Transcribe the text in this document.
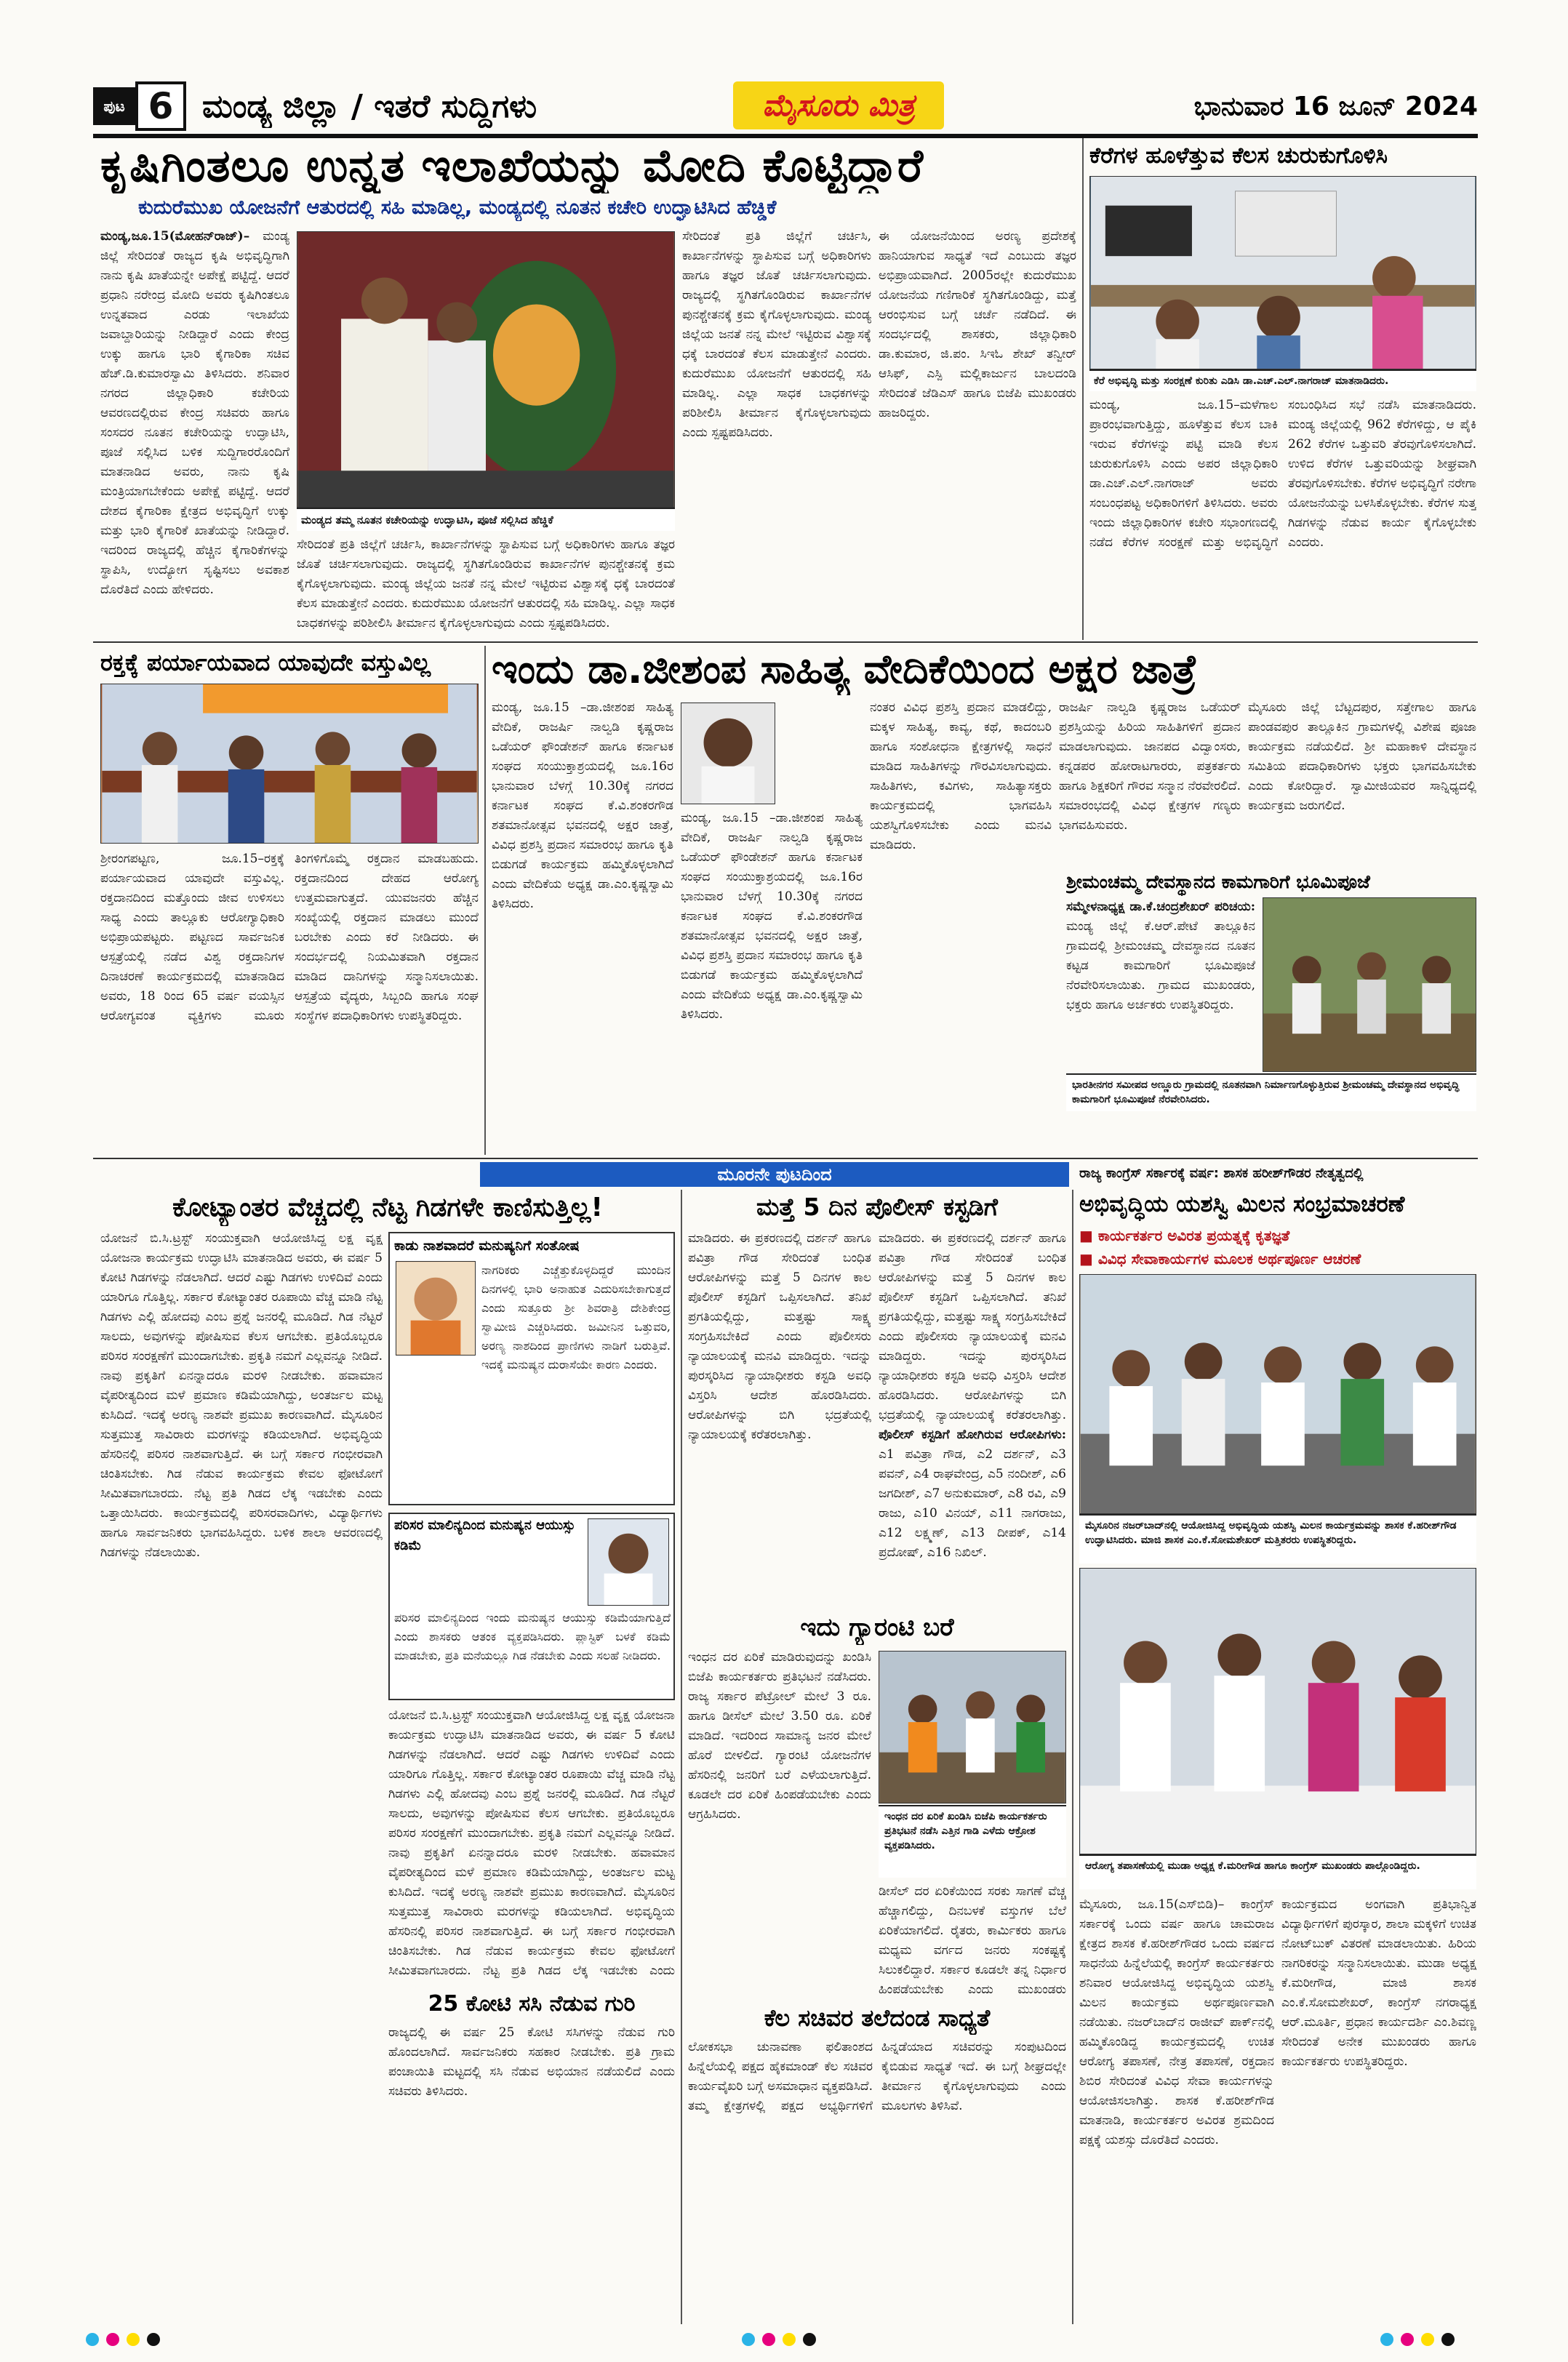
ಪುಟ 6 ಮಂಡ್ಯ ಜಿಲ್ಲಾ / ಇತರೆ ಸುದ್ದಿಗಳು	ಮೈಸೂರು ಮಿತ್ರ	ಭಾನುವಾರ 16 ಜೂನ್ 2024
ಕೃಷಿಗಿಂತಲೂ ಉನ್ನತ ಇಲಾಖೆಯನ್ನು ಮೋದಿ ಕೊಟ್ಟಿದ್ದಾರೆ
ಕುದುರೆಮುಖ ಯೋಜನೆಗೆ ಆತುರದಲ್ಲಿ ಸಹಿ ಮಾಡಿಲ್ಲ, ಮಂಡ್ಯದಲ್ಲಿ ನೂತನ ಕಚೇರಿ ಉದ್ಘಾಟಿಸಿದ ಹೆಚ್ಡಿಕೆ
ಮಂಡ್ಯ,ಜೂ.15(ಮೋಹನ್‌ರಾಜ್)– ಮಂಡ್ಯ ಜಿಲ್ಲೆ ಸೇರಿದಂತೆ ರಾಜ್ಯದ ಕೃಷಿ ಅಭಿವೃದ್ಧಿಗಾಗಿ ನಾನು ಕೃಷಿ ಖಾತೆಯನ್ನೇ ಅಪೇಕ್ಷೆ ಪಟ್ಟಿದ್ದೆ. ಆದರೆ ಪ್ರಧಾನಿ ನರೇಂದ್ರ ಮೋದಿ ಅವರು ಕೃಷಿಗಿಂತಲೂ ಉನ್ನತವಾದ ಎರಡು ಇಲಾಖೆಯ ಜವಾಬ್ದಾರಿಯನ್ನು ನೀಡಿದ್ದಾರೆ ಎಂದು ಕೇಂದ್ರ ಉಕ್ಕು ಹಾಗೂ ಭಾರಿ ಕೈಗಾರಿಕಾ ಸಚಿವ ಹೆಚ್.ಡಿ.ಕುಮಾರಸ್ವಾಮಿ ತಿಳಿಸಿದರು. ಶನಿವಾರ ನಗರದ ಜಿಲ್ಲಾಧಿಕಾರಿ ಕಚೇರಿಯ ಆವರಣದಲ್ಲಿರುವ ಕೇಂದ್ರ ಸಚಿವರು ಹಾಗೂ ಸಂಸದರ ನೂತನ ಕಚೇರಿಯನ್ನು ಉದ್ಘಾಟಿಸಿ, ಪೂಜೆ ಸಲ್ಲಿಸಿದ ಬಳಿಕ ಸುದ್ದಿಗಾರರೊಂದಿಗೆ ಮಾತನಾಡಿದ ಅವರು, ನಾನು ಕೃಷಿ ಮಂತ್ರಿಯಾಗಬೇಕೆಂದು ಅಪೇಕ್ಷೆ ಪಟ್ಟಿದ್ದೆ. ಆದರೆ ದೇಶದ ಕೈಗಾರಿಕಾ ಕ್ಷೇತ್ರದ ಅಭಿವೃದ್ಧಿಗೆ ಉಕ್ಕು ಮತ್ತು ಭಾರಿ ಕೈಗಾರಿಕೆ ಖಾತೆಯನ್ನು ನೀಡಿದ್ದಾರೆ. ಇದರಿಂದ ರಾಜ್ಯದಲ್ಲಿ ಹೆಚ್ಚಿನ ಕೈಗಾರಿಕೆಗಳನ್ನು ಸ್ಥಾಪಿಸಿ, ಉದ್ಯೋಗ ಸೃಷ್ಟಿಸಲು ಅವಕಾಶ ದೊರೆತಿದೆ ಎಂದು ಹೇಳಿದರು.
ಮಂಡ್ಯದ ತಮ್ಮ ನೂತನ ಕಚೇರಿಯನ್ನು ಉದ್ಘಾಟಿಸಿ, ಪೂಜೆ ಸಲ್ಲಿಸಿದ ಹೆಚ್ಡಿಕೆ
ಸೇರಿದಂತೆ ಪ್ರತಿ ಜಿಲ್ಲೆಗೆ ಚರ್ಚಿಸಿ, ಕಾರ್ಖಾನೆಗಳನ್ನು ಸ್ಥಾಪಿಸುವ ಬಗ್ಗೆ ಅಧಿಕಾರಿಗಳು ಹಾಗೂ ತಜ್ಞರ ಜೊತೆ ಚರ್ಚಿಸಲಾಗುವುದು. ರಾಜ್ಯದಲ್ಲಿ ಸ್ಥಗಿತಗೊಂಡಿರುವ ಕಾರ್ಖಾನೆಗಳ ಪುನಶ್ಚೇತನಕ್ಕೆ ಕ್ರಮ ಕೈಗೊಳ್ಳಲಾಗುವುದು. ಮಂಡ್ಯ ಜಿಲ್ಲೆಯ ಜನತೆ ನನ್ನ ಮೇಲೆ ಇಟ್ಟಿರುವ ವಿಶ್ವಾಸಕ್ಕೆ ಧಕ್ಕೆ ಬಾರದಂತೆ ಕೆಲಸ ಮಾಡುತ್ತೇನೆ ಎಂದರು. ಕುದುರೆಮುಖ ಯೋಜನೆಗೆ ಆತುರದಲ್ಲಿ ಸಹಿ ಮಾಡಿಲ್ಲ. ಎಲ್ಲಾ ಸಾಧಕ ಬಾಧಕಗಳನ್ನು ಪರಿಶೀಲಿಸಿ ತೀರ್ಮಾನ ಕೈಗೊಳ್ಳಲಾಗುವುದು ಎಂದು ಸ್ಪಷ್ಟಪಡಿಸಿದರು.
ಸೇರಿದಂತೆ ಪ್ರತಿ ಜಿಲ್ಲೆಗೆ ಚರ್ಚಿಸಿ, ಕಾರ್ಖಾನೆಗಳನ್ನು ಸ್ಥಾಪಿಸುವ ಬಗ್ಗೆ ಅಧಿಕಾರಿಗಳು ಹಾಗೂ ತಜ್ಞರ ಜೊತೆ ಚರ್ಚಿಸಲಾಗುವುದು. ರಾಜ್ಯದಲ್ಲಿ ಸ್ಥಗಿತಗೊಂಡಿರುವ ಕಾರ್ಖಾನೆಗಳ ಪುನಶ್ಚೇತನಕ್ಕೆ ಕ್ರಮ ಕೈಗೊಳ್ಳಲಾಗುವುದು. ಮಂಡ್ಯ ಜಿಲ್ಲೆಯ ಜನತೆ ನನ್ನ ಮೇಲೆ ಇಟ್ಟಿರುವ ವಿಶ್ವಾಸಕ್ಕೆ ಧಕ್ಕೆ ಬಾರದಂತೆ ಕೆಲಸ ಮಾಡುತ್ತೇನೆ ಎಂದರು. ಕುದುರೆಮುಖ ಯೋಜನೆಗೆ ಆತುರದಲ್ಲಿ ಸಹಿ ಮಾಡಿಲ್ಲ. ಎಲ್ಲಾ ಸಾಧಕ ಬಾಧಕಗಳನ್ನು ಪರಿಶೀಲಿಸಿ ತೀರ್ಮಾನ ಕೈಗೊಳ್ಳಲಾಗುವುದು ಎಂದು ಸ್ಪಷ್ಟಪಡಿಸಿದರು.
ಈ ಯೋಜನೆಯಿಂದ ಅರಣ್ಯ ಪ್ರದೇಶಕ್ಕೆ ಹಾನಿಯಾಗುವ ಸಾಧ್ಯತೆ ಇದೆ ಎಂಬುದು ತಜ್ಞರ ಅಭಿಪ್ರಾಯವಾಗಿದೆ. 2005ರಲ್ಲೇ ಕುದುರೆಮುಖ ಯೋಜನೆಯ ಗಣಿಗಾರಿಕೆ ಸ್ಥಗಿತಗೊಂಡಿದ್ದು, ಮತ್ತೆ ಆರಂಭಿಸುವ ಬಗ್ಗೆ ಚರ್ಚೆ ನಡೆದಿದೆ. ಈ ಸಂದರ್ಭದಲ್ಲಿ ಶಾಸಕರು, ಜಿಲ್ಲಾಧಿಕಾರಿ ಡಾ.ಕುಮಾರ, ಜಿ.ಪಂ. ಸಿಇಓ ಶೇಖ್ ತನ್ವೀರ್ ಆಸಿಫ್, ಎಸ್ಪಿ ಮಲ್ಲಿಕಾರ್ಜುನ ಬಾಲದಂಡಿ ಸೇರಿದಂತೆ ಜೆಡಿಎಸ್ ಹಾಗೂ ಬಿಜೆಪಿ ಮುಖಂಡರು ಹಾಜರಿದ್ದರು.
ಕೆರೆಗಳ ಹೂಳೆತ್ತುವ ಕೆಲಸ ಚುರುಕುಗೊಳಿಸಿ
ಕೆರೆ ಅಭಿವೃದ್ಧಿ ಮತ್ತು ಸಂರಕ್ಷಣೆ ಕುರಿತು ಎಡಿಸಿ ಡಾ.ಎಚ್.ಎಲ್.ನಾಗರಾಜ್ ಮಾತನಾಡಿದರು.
ಮಂಡ್ಯ, ಜೂ.15–ಮಳೆಗಾಲ ಪ್ರಾರಂಭವಾಗುತ್ತಿದ್ದು, ಹೂಳೆತ್ತುವ ಕೆಲಸ ಬಾಕಿ ಇರುವ ಕೆರೆಗಳನ್ನು ಪಟ್ಟಿ ಮಾಡಿ ಕೆಲಸ ಚುರುಕುಗೊಳಿಸಿ ಎಂದು ಅಪರ ಜಿಲ್ಲಾಧಿಕಾರಿ ಡಾ.ಎಚ್.ಎಲ್.ನಾಗರಾಜ್ ಅವರು ಸಂಬಂಧಪಟ್ಟ ಅಧಿಕಾರಿಗಳಿಗೆ ತಿಳಿಸಿದರು. ಅವರು ಇಂದು ಜಿಲ್ಲಾಧಿಕಾರಿಗಳ ಕಚೇರಿ ಸಭಾಂಗಣದಲ್ಲಿ ನಡೆದ ಕೆರೆಗಳ ಸಂರಕ್ಷಣೆ ಮತ್ತು ಅಭಿವೃದ್ಧಿಗೆ ಸಂಬಂಧಿಸಿದ ಸಭೆ ನಡೆಸಿ ಮಾತನಾಡಿದರು. ಮಂಡ್ಯ ಜಿಲ್ಲೆಯಲ್ಲಿ 962 ಕೆರೆಗಳಿದ್ದು, ಆ ಪೈಕಿ 262 ಕೆರೆಗಳ ಒತ್ತುವರಿ ತೆರವುಗೊಳಿಸಲಾಗಿದೆ. ಉಳಿದ ಕೆರೆಗಳ ಒತ್ತುವರಿಯನ್ನು ಶೀಘ್ರವಾಗಿ ತೆರವುಗೊಳಿಸಬೇಕು. ಕೆರೆಗಳ ಅಭಿವೃದ್ಧಿಗೆ ನರೇಗಾ ಯೋಜನೆಯನ್ನು ಬಳಸಿಕೊಳ್ಳಬೇಕು. ಕೆರೆಗಳ ಸುತ್ತ ಗಿಡಗಳನ್ನು ನೆಡುವ ಕಾರ್ಯ ಕೈಗೊಳ್ಳಬೇಕು ಎಂದರು.
ರಕ್ತಕ್ಕೆ ಪರ್ಯಾಯವಾದ ಯಾವುದೇ ವಸ್ತುವಿಲ್ಲ
ಶ್ರೀರಂಗಪಟ್ಟಣ, ಜೂ.15–ರಕ್ತಕ್ಕೆ ಪರ್ಯಾಯವಾದ ಯಾವುದೇ ವಸ್ತುವಿಲ್ಲ. ರಕ್ತದಾನದಿಂದ ಮತ್ತೊಂದು ಜೀವ ಉಳಿಸಲು ಸಾಧ್ಯ ಎಂದು ತಾಲ್ಲೂಕು ಆರೋಗ್ಯಾಧಿಕಾರಿ ಅಭಿಪ್ರಾಯಪಟ್ಟರು. ಪಟ್ಟಣದ ಸಾರ್ವಜನಿಕ ಆಸ್ಪತ್ರೆಯಲ್ಲಿ ನಡೆದ ವಿಶ್ವ ರಕ್ತದಾನಿಗಳ ದಿನಾಚರಣೆ ಕಾರ್ಯಕ್ರಮದಲ್ಲಿ ಮಾತನಾಡಿದ ಅವರು, 18 ರಿಂದ 65 ವರ್ಷ ವಯಸ್ಸಿನ ಆರೋಗ್ಯವಂತ ವ್ಯಕ್ತಿಗಳು ಮೂರು ತಿಂಗಳಿಗೊಮ್ಮೆ ರಕ್ತದಾನ ಮಾಡಬಹುದು. ರಕ್ತದಾನದಿಂದ ದೇಹದ ಆರೋಗ್ಯ ಉತ್ತಮವಾಗುತ್ತದೆ. ಯುವಜನರು ಹೆಚ್ಚಿನ ಸಂಖ್ಯೆಯಲ್ಲಿ ರಕ್ತದಾನ ಮಾಡಲು ಮುಂದೆ ಬರಬೇಕು ಎಂದು ಕರೆ ನೀಡಿದರು. ಈ ಸಂದರ್ಭದಲ್ಲಿ ನಿಯಮಿತವಾಗಿ ರಕ್ತದಾನ ಮಾಡಿದ ದಾನಿಗಳನ್ನು ಸನ್ಮಾನಿಸಲಾಯಿತು. ಆಸ್ಪತ್ರೆಯ ವೈದ್ಯರು, ಸಿಬ್ಬಂದಿ ಹಾಗೂ ಸಂಘ ಸಂಸ್ಥೆಗಳ ಪದಾಧಿಕಾರಿಗಳು ಉಪಸ್ಥಿತರಿದ್ದರು.
ಇಂದು ಡಾ.ಜೀಶಂಪ ಸಾಹಿತ್ಯ ವೇದಿಕೆಯಿಂದ ಅಕ್ಷರ ಜಾತ್ರೆ
ಮಂಡ್ಯ, ಜೂ.15 –ಡಾ.ಜೀಶಂಪ ಸಾಹಿತ್ಯ ವೇದಿಕೆ, ರಾಜರ್ಷಿ ನಾಲ್ವಡಿ ಕೃಷ್ಣರಾಜ ಒಡೆಯರ್ ಫೌಂಡೇಶನ್ ಹಾಗೂ ಕರ್ನಾಟಕ ಸಂಘದ ಸಂಯುಕ್ತಾಶ್ರಯದಲ್ಲಿ ಜೂ.16ರ ಭಾನುವಾರ ಬೆಳಗ್ಗೆ 10.30ಕ್ಕೆ ನಗರದ ಕರ್ನಾಟಕ ಸಂಘದ ಕೆ.ವಿ.ಶಂಕರಗೌಡ ಶತಮಾನೋತ್ಸವ ಭವನದಲ್ಲಿ ಅಕ್ಷರ ಜಾತ್ರೆ, ವಿವಿಧ ಪ್ರಶಸ್ತಿ ಪ್ರದಾನ ಸಮಾರಂಭ ಹಾಗೂ ಕೃತಿ ಬಿಡುಗಡೆ ಕಾರ್ಯಕ್ರಮ ಹಮ್ಮಿಕೊಳ್ಳಲಾಗಿದೆ ಎಂದು ವೇದಿಕೆಯ ಅಧ್ಯಕ್ಷ ಡಾ.ಎಂ.ಕೃಷ್ಣಸ್ವಾಮಿ ತಿಳಿಸಿದರು.
ಮಂಡ್ಯ, ಜೂ.15 –ಡಾ.ಜೀಶಂಪ ಸಾಹಿತ್ಯ ವೇದಿಕೆ, ರಾಜರ್ಷಿ ನಾಲ್ವಡಿ ಕೃಷ್ಣರಾಜ ಒಡೆಯರ್ ಫೌಂಡೇಶನ್ ಹಾಗೂ ಕರ್ನಾಟಕ ಸಂಘದ ಸಂಯುಕ್ತಾಶ್ರಯದಲ್ಲಿ ಜೂ.16ರ ಭಾನುವಾರ ಬೆಳಗ್ಗೆ 10.30ಕ್ಕೆ ನಗರದ ಕರ್ನಾಟಕ ಸಂಘದ ಕೆ.ವಿ.ಶಂಕರಗೌಡ ಶತಮಾನೋತ್ಸವ ಭವನದಲ್ಲಿ ಅಕ್ಷರ ಜಾತ್ರೆ, ವಿವಿಧ ಪ್ರಶಸ್ತಿ ಪ್ರದಾನ ಸಮಾರಂಭ ಹಾಗೂ ಕೃತಿ ಬಿಡುಗಡೆ ಕಾರ್ಯಕ್ರಮ ಹಮ್ಮಿಕೊಳ್ಳಲಾಗಿದೆ ಎಂದು ವೇದಿಕೆಯ ಅಧ್ಯಕ್ಷ ಡಾ.ಎಂ.ಕೃಷ್ಣಸ್ವಾಮಿ ತಿಳಿಸಿದರು.
ನಂತರ ವಿವಿಧ ಪ್ರಶಸ್ತಿ ಪ್ರದಾನ ಮಾಡಲಿದ್ದು, ಮಕ್ಕಳ ಸಾಹಿತ್ಯ, ಕಾವ್ಯ, ಕಥೆ, ಕಾದಂಬರಿ ಹಾಗೂ ಸಂಶೋಧನಾ ಕ್ಷೇತ್ರಗಳಲ್ಲಿ ಸಾಧನೆ ಮಾಡಿದ ಸಾಹಿತಿಗಳನ್ನು ಗೌರವಿಸಲಾಗುವುದು. ಸಾಹಿತಿಗಳು, ಕವಿಗಳು, ಸಾಹಿತ್ಯಾಸಕ್ತರು ಕಾರ್ಯಕ್ರಮದಲ್ಲಿ ಭಾಗವಹಿಸಿ ಯಶಸ್ವಿಗೊಳಿಸಬೇಕು ಎಂದು ಮನವಿ ಮಾಡಿದರು.
ರಾಜರ್ಷಿ ನಾಲ್ವಡಿ ಕೃಷ್ಣರಾಜ ಒಡೆಯರ್ ಪ್ರಶಸ್ತಿಯನ್ನು ಹಿರಿಯ ಸಾಹಿತಿಗಳಿಗೆ ಪ್ರದಾನ ಮಾಡಲಾಗುವುದು. ಜಾನಪದ ವಿದ್ವಾಂಸರು, ಕನ್ನಡಪರ ಹೋರಾಟಗಾರರು, ಪತ್ರಕರ್ತರು ಹಾಗೂ ಶಿಕ್ಷಕರಿಗೆ ಗೌರವ ಸನ್ಮಾನ ನೆರವೇರಲಿದೆ. ಸಮಾರಂಭದಲ್ಲಿ ವಿವಿಧ ಕ್ಷೇತ್ರಗಳ ಗಣ್ಯರು ಭಾಗವಹಿಸುವರು.
ಮೈಸೂರು ಜಿಲ್ಲೆ ಬೆಟ್ಟದಪುರ, ಸತ್ತೇಗಾಲ ಹಾಗೂ ಪಾಂಡವಪುರ ತಾಲ್ಲೂಕಿನ ಗ್ರಾಮಗಳಲ್ಲಿ ವಿಶೇಷ ಪೂಜಾ ಕಾರ್ಯಕ್ರಮ ನಡೆಯಲಿದೆ. ಶ್ರೀ ಮಹಾಕಾಳಿ ದೇವಸ್ಥಾನ ಸಮಿತಿಯ ಪದಾಧಿಕಾರಿಗಳು ಭಕ್ತರು ಭಾಗವಹಿಸಬೇಕು ಎಂದು ಕೋರಿದ್ದಾರೆ. ಸ್ವಾಮೀಜಿಯವರ ಸಾನ್ನಿಧ್ಯದಲ್ಲಿ ಕಾರ್ಯಕ್ರಮ ಜರುಗಲಿದೆ.
ಶ್ರೀಮಂಚಮ್ಮ ದೇವಸ್ಥಾನದ ಕಾಮಗಾರಿಗೆ ಭೂಮಿಪೂಜೆ
ಸಮ್ಮೇಳನಾಧ್ಯಕ್ಷ ಡಾ.ಕೆ.ಚಂದ್ರಶೇಖರ್ ಪರಿಚಯ: ಮಂಡ್ಯ ಜಿಲ್ಲೆ ಕೆ.ಆರ್.ಪೇಟೆ ತಾಲ್ಲೂಕಿನ ಗ್ರಾಮದಲ್ಲಿ ಶ್ರೀಮಂಚಮ್ಮ ದೇವಸ್ಥಾನದ ನೂತನ ಕಟ್ಟಡ ಕಾಮಗಾರಿಗೆ ಭೂಮಿಪೂಜೆ ನೆರವೇರಿಸಲಾಯಿತು. ಗ್ರಾಮದ ಮುಖಂಡರು, ಭಕ್ತರು ಹಾಗೂ ಅರ್ಚಕರು ಉಪಸ್ಥಿತರಿದ್ದರು.
ಭಾರತೀನಗರ ಸಮೀಪದ ಅಣ್ಣೂರು ಗ್ರಾಮದಲ್ಲಿ ನೂತನವಾಗಿ ನಿರ್ಮಾಣಗೊಳ್ಳುತ್ತಿರುವ ಶ್ರೀಮಂಚಮ್ಮ ದೇವಸ್ಥಾನದ ಅಭಿವೃದ್ಧಿ ಕಾಮಗಾರಿಗೆ ಭೂಮಿಪೂಜೆ ನೆರವೇರಿಸಿದರು.
ಮೂರನೇ ಪುಟದಿಂದ
ಕೋಟ್ಯಾಂತರ ವೆಚ್ಚದಲ್ಲಿ ನೆಟ್ಟ ಗಿಡಗಳೇ ಕಾಣಿಸುತ್ತಿಲ್ಲ!
ಯೋಜನೆ ಬಿ.ಸಿ.ಟ್ರಸ್ಟ್ ಸಂಯುಕ್ತವಾಗಿ ಆಯೋಜಿಸಿದ್ದ ಲಕ್ಷ ವೃಕ್ಷ ಯೋಜನಾ ಕಾರ್ಯಕ್ರಮ ಉದ್ಘಾಟಿಸಿ ಮಾತನಾಡಿದ ಅವರು, ಈ ವರ್ಷ 5 ಕೋಟಿ ಗಿಡಗಳನ್ನು ನೆಡಲಾಗಿದೆ. ಆದರೆ ಎಷ್ಟು ಗಿಡಗಳು ಉಳಿದಿವೆ ಎಂದು ಯಾರಿಗೂ ಗೊತ್ತಿಲ್ಲ. ಸರ್ಕಾರ ಕೋಟ್ಯಾಂತರ ರೂಪಾಯಿ ವೆಚ್ಚ ಮಾಡಿ ನೆಟ್ಟ ಗಿಡಗಳು ಎಲ್ಲಿ ಹೋದವು ಎಂಬ ಪ್ರಶ್ನೆ ಜನರಲ್ಲಿ ಮೂಡಿದೆ. ಗಿಡ ನೆಟ್ಟರೆ ಸಾಲದು, ಅವುಗಳನ್ನು ಪೋಷಿಸುವ ಕೆಲಸ ಆಗಬೇಕು. ಪ್ರತಿಯೊಬ್ಬರೂ ಪರಿಸರ ಸಂರಕ್ಷಣೆಗೆ ಮುಂದಾಗಬೇಕು. ಪ್ರಕೃತಿ ನಮಗೆ ಎಲ್ಲವನ್ನೂ ನೀಡಿದೆ. ನಾವು ಪ್ರಕೃತಿಗೆ ಏನನ್ನಾದರೂ ಮರಳಿ ನೀಡಬೇಕು. ಹವಾಮಾನ ವೈಪರೀತ್ಯದಿಂದ ಮಳೆ ಪ್ರಮಾಣ ಕಡಿಮೆಯಾಗಿದ್ದು, ಅಂತರ್ಜಲ ಮಟ್ಟ ಕುಸಿದಿದೆ. ಇದಕ್ಕೆ ಅರಣ್ಯ ನಾಶವೇ ಪ್ರಮುಖ ಕಾರಣವಾಗಿದೆ. ಮೈಸೂರಿನ ಸುತ್ತಮುತ್ತ ಸಾವಿರಾರು ಮರಗಳನ್ನು ಕಡಿಯಲಾಗಿದೆ. ಅಭಿವೃದ್ಧಿಯ ಹೆಸರಿನಲ್ಲಿ ಪರಿಸರ ನಾಶವಾಗುತ್ತಿದೆ. ಈ ಬಗ್ಗೆ ಸರ್ಕಾರ ಗಂಭೀರವಾಗಿ ಚಿಂತಿಸಬೇಕು. ಗಿಡ ನೆಡುವ ಕಾರ್ಯಕ್ರಮ ಕೇವಲ ಫೋಟೋಗೆ ಸೀಮಿತವಾಗಬಾರದು. ನೆಟ್ಟ ಪ್ರತಿ ಗಿಡದ ಲೆಕ್ಕ ಇಡಬೇಕು ಎಂದು ಒತ್ತಾಯಿಸಿದರು. ಕಾರ್ಯಕ್ರಮದಲ್ಲಿ ಪರಿಸರವಾದಿಗಳು, ವಿದ್ಯಾರ್ಥಿಗಳು ಹಾಗೂ ಸಾರ್ವಜನಿಕರು ಭಾಗವಹಿಸಿದ್ದರು. ಬಳಿಕ ಶಾಲಾ ಆವರಣದಲ್ಲಿ ಗಿಡಗಳನ್ನು ನೆಡಲಾಯಿತು.
ಕಾಡು ನಾಶವಾದರೆ ಮನುಷ್ಯನಿಗೆ ಸಂತೋಷ
ನಾಗರಿಕರು ಎಚ್ಚೆತ್ತುಕೊಳ್ಳದಿದ್ದರೆ ಮುಂದಿನ ದಿನಗಳಲ್ಲಿ ಭಾರಿ ಅನಾಹುತ ಎದುರಿಸಬೇಕಾಗುತ್ತದೆ ಎಂದು ಸುತ್ತೂರು ಶ್ರೀ ಶಿವರಾತ್ರಿ ದೇಶಿಕೇಂದ್ರ ಸ್ವಾಮೀಜಿ ಎಚ್ಚರಿಸಿದರು. ಜಮೀನಿನ ಒತ್ತುವರಿ, ಅರಣ್ಯ ನಾಶದಿಂದ ಪ್ರಾಣಿಗಳು ನಾಡಿಗೆ ಬರುತ್ತಿವೆ. ಇದಕ್ಕೆ ಮನುಷ್ಯನ ದುರಾಸೆಯೇ ಕಾರಣ ಎಂದರು.
ಪರಿಸರ ಮಾಲಿನ್ಯದಿಂದ ಮನುಷ್ಯನ ಆಯುಸ್ಸು ಕಡಿಮೆ
ಪರಿಸರ ಮಾಲಿನ್ಯದಿಂದ ಇಂದು ಮನುಷ್ಯನ ಆಯುಸ್ಸು ಕಡಿಮೆಯಾಗುತ್ತಿದೆ ಎಂದು ಶಾಸಕರು ಆತಂಕ ವ್ಯಕ್ತಪಡಿಸಿದರು. ಪ್ಲಾಸ್ಟಿಕ್ ಬಳಕೆ ಕಡಿಮೆ ಮಾಡಬೇಕು, ಪ್ರತಿ ಮನೆಯಲ್ಲೂ ಗಿಡ ನೆಡಬೇಕು ಎಂದು ಸಲಹೆ ನೀಡಿದರು.
ಯೋಜನೆ ಬಿ.ಸಿ.ಟ್ರಸ್ಟ್ ಸಂಯುಕ್ತವಾಗಿ ಆಯೋಜಿಸಿದ್ದ ಲಕ್ಷ ವೃಕ್ಷ ಯೋಜನಾ ಕಾರ್ಯಕ್ರಮ ಉದ್ಘಾಟಿಸಿ ಮಾತನಾಡಿದ ಅವರು, ಈ ವರ್ಷ 5 ಕೋಟಿ ಗಿಡಗಳನ್ನು ನೆಡಲಾಗಿದೆ. ಆದರೆ ಎಷ್ಟು ಗಿಡಗಳು ಉಳಿದಿವೆ ಎಂದು ಯಾರಿಗೂ ಗೊತ್ತಿಲ್ಲ. ಸರ್ಕಾರ ಕೋಟ್ಯಾಂತರ ರೂಪಾಯಿ ವೆಚ್ಚ ಮಾಡಿ ನೆಟ್ಟ ಗಿಡಗಳು ಎಲ್ಲಿ ಹೋದವು ಎಂಬ ಪ್ರಶ್ನೆ ಜನರಲ್ಲಿ ಮೂಡಿದೆ. ಗಿಡ ನೆಟ್ಟರೆ ಸಾಲದು, ಅವುಗಳನ್ನು ಪೋಷಿಸುವ ಕೆಲಸ ಆಗಬೇಕು. ಪ್ರತಿಯೊಬ್ಬರೂ ಪರಿಸರ ಸಂರಕ್ಷಣೆಗೆ ಮುಂದಾಗಬೇಕು. ಪ್ರಕೃತಿ ನಮಗೆ ಎಲ್ಲವನ್ನೂ ನೀಡಿದೆ. ನಾವು ಪ್ರಕೃತಿಗೆ ಏನನ್ನಾದರೂ ಮರಳಿ ನೀಡಬೇಕು. ಹವಾಮಾನ ವೈಪರೀತ್ಯದಿಂದ ಮಳೆ ಪ್ರಮಾಣ ಕಡಿಮೆಯಾಗಿದ್ದು, ಅಂತರ್ಜಲ ಮಟ್ಟ ಕುಸಿದಿದೆ. ಇದಕ್ಕೆ ಅರಣ್ಯ ನಾಶವೇ ಪ್ರಮುಖ ಕಾರಣವಾಗಿದೆ. ಮೈಸೂರಿನ ಸುತ್ತಮುತ್ತ ಸಾವಿರಾರು ಮರಗಳನ್ನು ಕಡಿಯಲಾಗಿದೆ. ಅಭಿವೃದ್ಧಿಯ ಹೆಸರಿನಲ್ಲಿ ಪರಿಸರ ನಾಶವಾಗುತ್ತಿದೆ. ಈ ಬಗ್ಗೆ ಸರ್ಕಾರ ಗಂಭೀರವಾಗಿ ಚಿಂತಿಸಬೇಕು. ಗಿಡ ನೆಡುವ ಕಾರ್ಯಕ್ರಮ ಕೇವಲ ಫೋಟೋಗೆ ಸೀಮಿತವಾಗಬಾರದು. ನೆಟ್ಟ ಪ್ರತಿ ಗಿಡದ ಲೆಕ್ಕ ಇಡಬೇಕು ಎಂದು
25 ಕೋಟಿ ಸಸಿ ನೆಡುವ ಗುರಿ
ರಾಜ್ಯದಲ್ಲಿ ಈ ವರ್ಷ 25 ಕೋಟಿ ಸಸಿಗಳನ್ನು ನೆಡುವ ಗುರಿ ಹೊಂದಲಾಗಿದೆ. ಸಾರ್ವಜನಿಕರು ಸಹಕಾರ ನೀಡಬೇಕು. ಪ್ರತಿ ಗ್ರಾಮ ಪಂಚಾಯಿತಿ ಮಟ್ಟದಲ್ಲಿ ಸಸಿ ನೆಡುವ ಅಭಿಯಾನ ನಡೆಯಲಿದೆ ಎಂದು ಸಚಿವರು ತಿಳಿಸಿದರು.
ಮತ್ತೆ 5 ದಿನ ಪೊಲೀಸ್ ಕಸ್ಟಡಿಗೆ
ಮಾಡಿದರು. ಈ ಪ್ರಕರಣದಲ್ಲಿ ದರ್ಶನ್ ಹಾಗೂ ಪವಿತ್ರಾ ಗೌಡ ಸೇರಿದಂತೆ ಬಂಧಿತ ಆರೋಪಿಗಳನ್ನು ಮತ್ತೆ 5 ದಿನಗಳ ಕಾಲ ಪೊಲೀಸ್ ಕಸ್ಟಡಿಗೆ ಒಪ್ಪಿಸಲಾಗಿದೆ. ತನಿಖೆ ಪ್ರಗತಿಯಲ್ಲಿದ್ದು, ಮತ್ತಷ್ಟು ಸಾಕ್ಷ್ಯ ಸಂಗ್ರಹಿಸಬೇಕಿದೆ ಎಂದು ಪೊಲೀಸರು ನ್ಯಾಯಾಲಯಕ್ಕೆ ಮನವಿ ಮಾಡಿದ್ದರು. ಇದನ್ನು ಪುರಸ್ಕರಿಸಿದ ನ್ಯಾಯಾಧೀಶರು ಕಸ್ಟಡಿ ಅವಧಿ ವಿಸ್ತರಿಸಿ ಆದೇಶ ಹೊರಡಿಸಿದರು. ಆರೋಪಿಗಳನ್ನು ಬಿಗಿ ಭದ್ರತೆಯಲ್ಲಿ ನ್ಯಾಯಾಲಯಕ್ಕೆ ಕರೆತರಲಾಗಿತ್ತು.
ಮಾಡಿದರು. ಈ ಪ್ರಕರಣದಲ್ಲಿ ದರ್ಶನ್ ಹಾಗೂ ಪವಿತ್ರಾ ಗೌಡ ಸೇರಿದಂತೆ ಬಂಧಿತ ಆರೋಪಿಗಳನ್ನು ಮತ್ತೆ 5 ದಿನಗಳ ಕಾಲ ಪೊಲೀಸ್ ಕಸ್ಟಡಿಗೆ ಒಪ್ಪಿಸಲಾಗಿದೆ. ತನಿಖೆ ಪ್ರಗತಿಯಲ್ಲಿದ್ದು, ಮತ್ತಷ್ಟು ಸಾಕ್ಷ್ಯ ಸಂಗ್ರಹಿಸಬೇಕಿದೆ ಎಂದು ಪೊಲೀಸರು ನ್ಯಾಯಾಲಯಕ್ಕೆ ಮನವಿ ಮಾಡಿದ್ದರು. ಇದನ್ನು ಪುರಸ್ಕರಿಸಿದ ನ್ಯಾಯಾಧೀಶರು ಕಸ್ಟಡಿ ಅವಧಿ ವಿಸ್ತರಿಸಿ ಆದೇಶ ಹೊರಡಿಸಿದರು. ಆರೋಪಿಗಳನ್ನು ಬಿಗಿ ಭದ್ರತೆಯಲ್ಲಿ ನ್ಯಾಯಾಲಯಕ್ಕೆ ಕರೆತರಲಾಗಿತ್ತು. ಪೊಲೀಸ್ ಕಸ್ಟಡಿಗೆ ಹೋಗಿರುವ ಆರೋಪಿಗಳು: ಎ1 ಪವಿತ್ರಾ ಗೌಡ, ಎ2 ದರ್ಶನ್, ಎ3 ಪವನ್, ಎ4 ರಾಘವೇಂದ್ರ, ಎ5 ನಂದೀಶ್, ಎ6 ಜಗದೀಶ್, ಎ7 ಅನುಕುಮಾರ್, ಎ8 ರವಿ, ಎ9 ರಾಜು, ಎ10 ವಿನಯ್, ಎ11 ನಾಗರಾಜು, ಎ12 ಲಕ್ಷ್ಮಣ್, ಎ13 ದೀಪಕ್, ಎ14 ಪ್ರದೋಷ್, ಎ16 ನಿಖಿಲ್.
ಇದು ಗ್ಯಾರಂಟಿ ಬರೆ
ಇಂಧನ ದರ ಏರಿಕೆ ಮಾಡಿರುವುದನ್ನು ಖಂಡಿಸಿ ಬಿಜೆಪಿ ಕಾರ್ಯಕರ್ತರು ಪ್ರತಿಭಟನೆ ನಡೆಸಿದರು. ರಾಜ್ಯ ಸರ್ಕಾರ ಪೆಟ್ರೋಲ್ ಮೇಲೆ 3 ರೂ. ಹಾಗೂ ಡೀಸೆಲ್ ಮೇಲೆ 3.50 ರೂ. ಏರಿಕೆ ಮಾಡಿದೆ. ಇದರಿಂದ ಸಾಮಾನ್ಯ ಜನರ ಮೇಲೆ ಹೊರೆ ಬೀಳಲಿದೆ. ಗ್ಯಾರಂಟಿ ಯೋಜನೆಗಳ ಹೆಸರಿನಲ್ಲಿ ಜನರಿಗೆ ಬರೆ ಎಳೆಯಲಾಗುತ್ತಿದೆ. ಕೂಡಲೇ ದರ ಏರಿಕೆ ಹಿಂಪಡೆಯಬೇಕು ಎಂದು ಆಗ್ರಹಿಸಿದರು.	ಇಂಧನ ದರ ಏರಿಕೆ ಖಂಡಿಸಿ ಬಿಜೆಪಿ ಕಾರ್ಯಕರ್ತರು ಪ್ರತಿಭಟನೆ ನಡೆಸಿ ಎತ್ತಿನ ಗಾಡಿ ಎಳೆದು ಆಕ್ರೋಶ ವ್ಯಕ್ತಪಡಿಸಿದರು.
ಡೀಸೆಲ್ ದರ ಏರಿಕೆಯಿಂದ ಸರಕು ಸಾಗಣೆ ವೆಚ್ಚ ಹೆಚ್ಚಾಗಲಿದ್ದು, ದಿನಬಳಕೆ ವಸ್ತುಗಳ ಬೆಲೆ ಏರಿಕೆಯಾಗಲಿದೆ. ರೈತರು, ಕಾರ್ಮಿಕರು ಹಾಗೂ ಮಧ್ಯಮ ವರ್ಗದ ಜನರು ಸಂಕಷ್ಟಕ್ಕೆ ಸಿಲುಕಲಿದ್ದಾರೆ. ಸರ್ಕಾರ ಕೂಡಲೇ ತನ್ನ ನಿರ್ಧಾರ ಹಿಂಪಡೆಯಬೇಕು ಎಂದು ಮುಖಂಡರು
ಕೆಲ ಸಚಿವರ ತಲೆದಂಡ ಸಾಧ್ಯತೆ
ಲೋಕಸಭಾ ಚುನಾವಣಾ ಫಲಿತಾಂಶದ ಹಿನ್ನೆಲೆಯಲ್ಲಿ ಪಕ್ಷದ ಹೈಕಮಾಂಡ್ ಕೆಲ ಸಚಿವರ ಕಾರ್ಯವೈಖರಿ ಬಗ್ಗೆ ಅಸಮಾಧಾನ ವ್ಯಕ್ತಪಡಿಸಿದೆ. ತಮ್ಮ ಕ್ಷೇತ್ರಗಳಲ್ಲಿ ಪಕ್ಷದ ಅಭ್ಯರ್ಥಿಗಳಿಗೆ ಹಿನ್ನಡೆಯಾದ ಸಚಿವರನ್ನು ಸಂಪುಟದಿಂದ ಕೈಬಿಡುವ ಸಾಧ್ಯತೆ ಇದೆ. ಈ ಬಗ್ಗೆ ಶೀಘ್ರದಲ್ಲೇ ತೀರ್ಮಾನ ಕೈಗೊಳ್ಳಲಾಗುವುದು ಎಂದು ಮೂಲಗಳು ತಿಳಿಸಿವೆ.
ರಾಜ್ಯ ಕಾಂಗ್ರೆಸ್ ಸರ್ಕಾರಕ್ಕೆ ವರ್ಷ: ಶಾಸಕ ಹರೀಶ್‌ಗೌಡರ ನೇತೃತ್ವದಲ್ಲಿ
ಅಭಿವೃದ್ಧಿಯ ಯಶಸ್ವಿ ಮಿಲನ ಸಂಭ್ರಮಾಚರಣೆ
■ ಕಾರ್ಯಕರ್ತರ ಅವಿರತ ಪ್ರಯತ್ನಕ್ಕೆ ಕೃತಜ್ಞತೆ
■ ವಿವಿಧ ಸೇವಾಕಾರ್ಯಗಳ ಮೂಲಕ ಅರ್ಥಪೂರ್ಣ ಆಚರಣೆ
ಮೈಸೂರಿನ ನಜರ್‌ಬಾದ್‌ನಲ್ಲಿ ಆಯೋಜಿಸಿದ್ದ ಅಭಿವೃದ್ಧಿಯ ಯಶಸ್ವಿ ಮಿಲನ ಕಾರ್ಯಕ್ರಮವನ್ನು ಶಾಸಕ ಕೆ.ಹರೀಶ್‌ಗೌಡ ಉದ್ಘಾಟಿಸಿದರು. ಮಾಜಿ ಶಾಸಕ ಎಂ.ಕೆ.ಸೋಮಶೇಖರ್ ಮತ್ತಿತರರು ಉಪಸ್ಥಿತರಿದ್ದರು.
ಆರೋಗ್ಯ ತಪಾಸಣೆಯಲ್ಲಿ ಮುಡಾ ಅಧ್ಯಕ್ಷ ಕೆ.ಮರೀಗೌಡ ಹಾಗೂ ಕಾಂಗ್ರೆಸ್ ಮುಖಂಡರು ಪಾಲ್ಗೊಂಡಿದ್ದರು.
ಮೈಸೂರು, ಜೂ.15(ಎಸ್‌ಬಿಡಿ)– ಕಾಂಗ್ರೆಸ್ ಸರ್ಕಾರಕ್ಕೆ ಒಂದು ವರ್ಷ ಹಾಗೂ ಚಾಮರಾಜ ಕ್ಷೇತ್ರದ ಶಾಸಕ ಕೆ.ಹರೀಶ್‌ಗೌಡರ ಒಂದು ವರ್ಷದ ಸಾಧನೆಯ ಹಿನ್ನೆಲೆಯಲ್ಲಿ ಕಾಂಗ್ರೆಸ್ ಕಾರ್ಯಕರ್ತರು ಶನಿವಾರ ಆಯೋಜಿಸಿದ್ದ ಅಭಿವೃದ್ಧಿಯ ಯಶಸ್ವಿ ಮಿಲನ ಕಾರ್ಯಕ್ರಮ ಅರ್ಥಪೂರ್ಣವಾಗಿ ನಡೆಯಿತು. ನಜರ್‌ಬಾದ್‌ನ ರಾಜೀವ್ ಪಾರ್ಕ್‌ನಲ್ಲಿ ಹಮ್ಮಿಕೊಂಡಿದ್ದ ಕಾರ್ಯಕ್ರಮದಲ್ಲಿ ಉಚಿತ ಆರೋಗ್ಯ ತಪಾಸಣೆ, ನೇತ್ರ ತಪಾಸಣೆ, ರಕ್ತದಾನ ಶಿಬಿರ ಸೇರಿದಂತೆ ವಿವಿಧ ಸೇವಾ ಕಾರ್ಯಗಳನ್ನು ಆಯೋಜಿಸಲಾಗಿತ್ತು. ಶಾಸಕ ಕೆ.ಹರೀಶ್‌ಗೌಡ ಮಾತನಾಡಿ, ಕಾರ್ಯಕರ್ತರ ಅವಿರತ ಶ್ರಮದಿಂದ ಪಕ್ಷಕ್ಕೆ ಯಶಸ್ಸು ದೊರೆತಿದೆ ಎಂದರು.
ಕಾರ್ಯಕ್ರಮದ ಅಂಗವಾಗಿ ಪ್ರತಿಭಾನ್ವಿತ ವಿದ್ಯಾರ್ಥಿಗಳಿಗೆ ಪುರಸ್ಕಾರ, ಶಾಲಾ ಮಕ್ಕಳಿಗೆ ಉಚಿತ ನೋಟ್‌ಬುಕ್ ವಿತರಣೆ ಮಾಡಲಾಯಿತು. ಹಿರಿಯ ನಾಗರಿಕರನ್ನು ಸನ್ಮಾನಿಸಲಾಯಿತು. ಮುಡಾ ಅಧ್ಯಕ್ಷ ಕೆ.ಮರೀಗೌಡ, ಮಾಜಿ ಶಾಸಕ ಎಂ.ಕೆ.ಸೋಮಶೇಖರ್, ಕಾಂಗ್ರೆಸ್ ನಗರಾಧ್ಯಕ್ಷ ಆರ್.ಮೂರ್ತಿ, ಪ್ರಧಾನ ಕಾರ್ಯದರ್ಶಿ ಎಂ.ಶಿವಣ್ಣ ಸೇರಿದಂತೆ ಅನೇಕ ಮುಖಂಡರು ಹಾಗೂ ಕಾರ್ಯಕರ್ತರು ಉಪಸ್ಥಿತರಿದ್ದರು.
